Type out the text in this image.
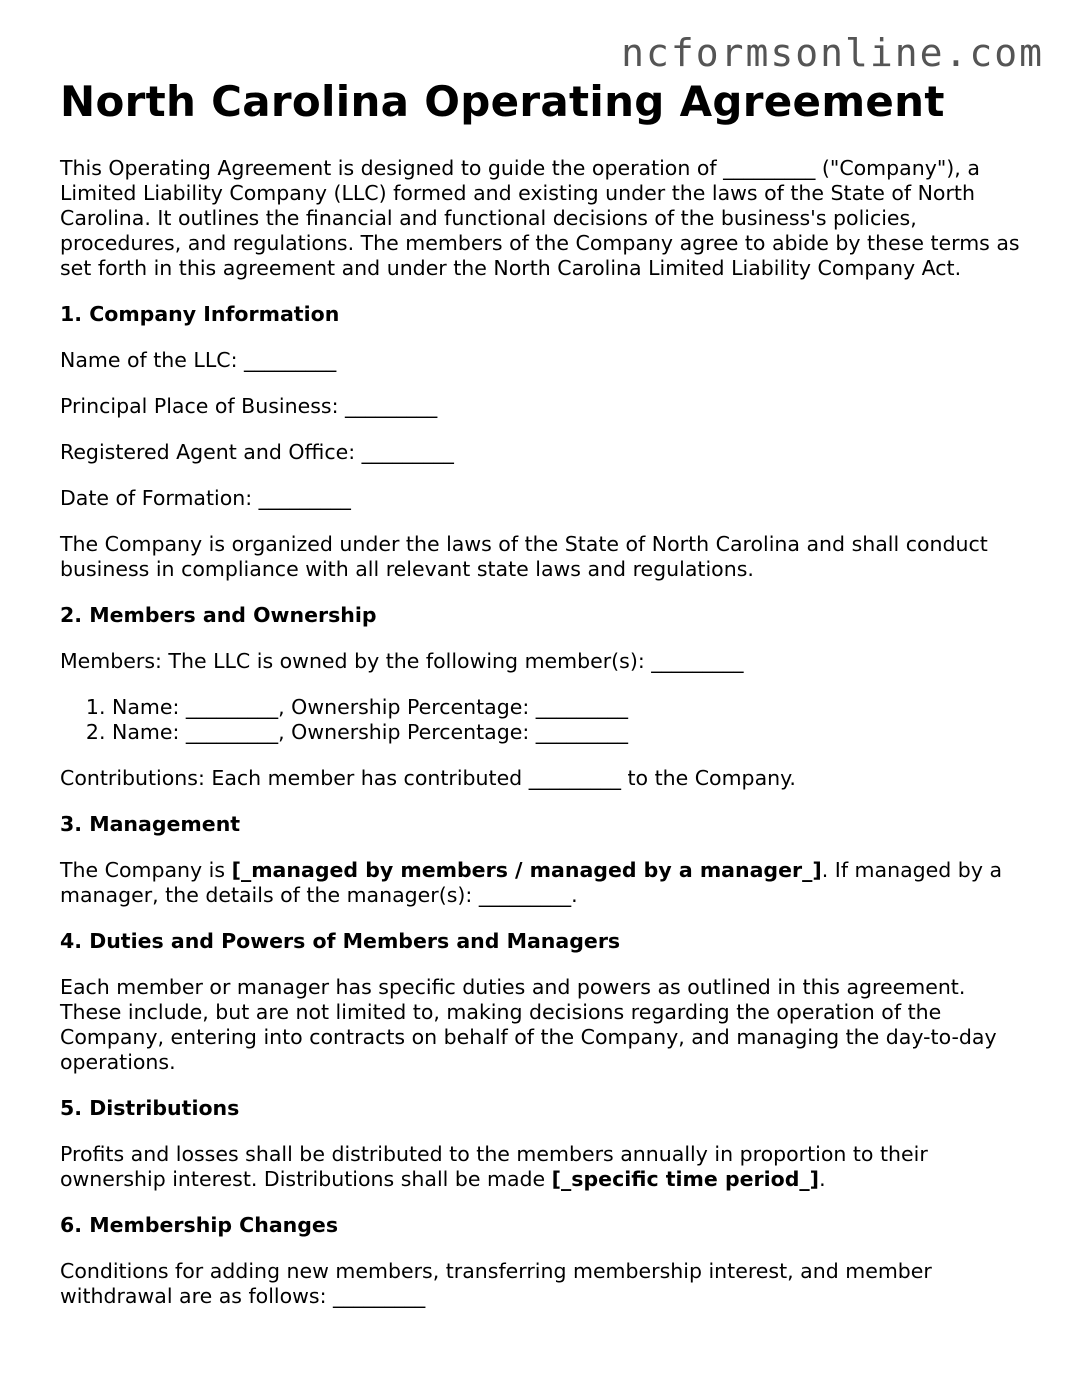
ncformsonline.com
North Carolina Operating Agreement

This Operating Agreement is designed to guide the operation of _________ ("Company"), a Limited Liability Company (LLC) formed and existing under the laws of the State of North Carolina. It outlines the financial and functional decisions of the business's policies, procedures, and regulations. The members of the Company agree to abide by these terms as set forth in this agreement and under the North Carolina Limited Liability Company Act.

1. Company Information

Name of the LLC: _________

Principal Place of Business: _________

Registered Agent and Office: _________

Date of Formation: _________

The Company is organized under the laws of the State of North Carolina and shall conduct business in compliance with all relevant state laws and regulations.

2. Members and Ownership

Members: The LLC is owned by the following member(s): _________

1. Name: _________, Ownership Percentage: _________
2. Name: _________, Ownership Percentage: _________

Contributions: Each member has contributed _________ to the Company.

3. Management

The Company is [_managed by members / managed by a manager_]. If managed by a manager, the details of the manager(s): _________.

4. Duties and Powers of Members and Managers

Each member or manager has specific duties and powers as outlined in this agreement. These include, but are not limited to, making decisions regarding the operation of the Company, entering into contracts on behalf of the Company, and managing the day-to-day operations.

5. Distributions

Profits and losses shall be distributed to the members annually in proportion to their ownership interest. Distributions shall be made [_specific time period_].

6. Membership Changes

Conditions for adding new members, transferring membership interest, and member withdrawal are as follows: _________
